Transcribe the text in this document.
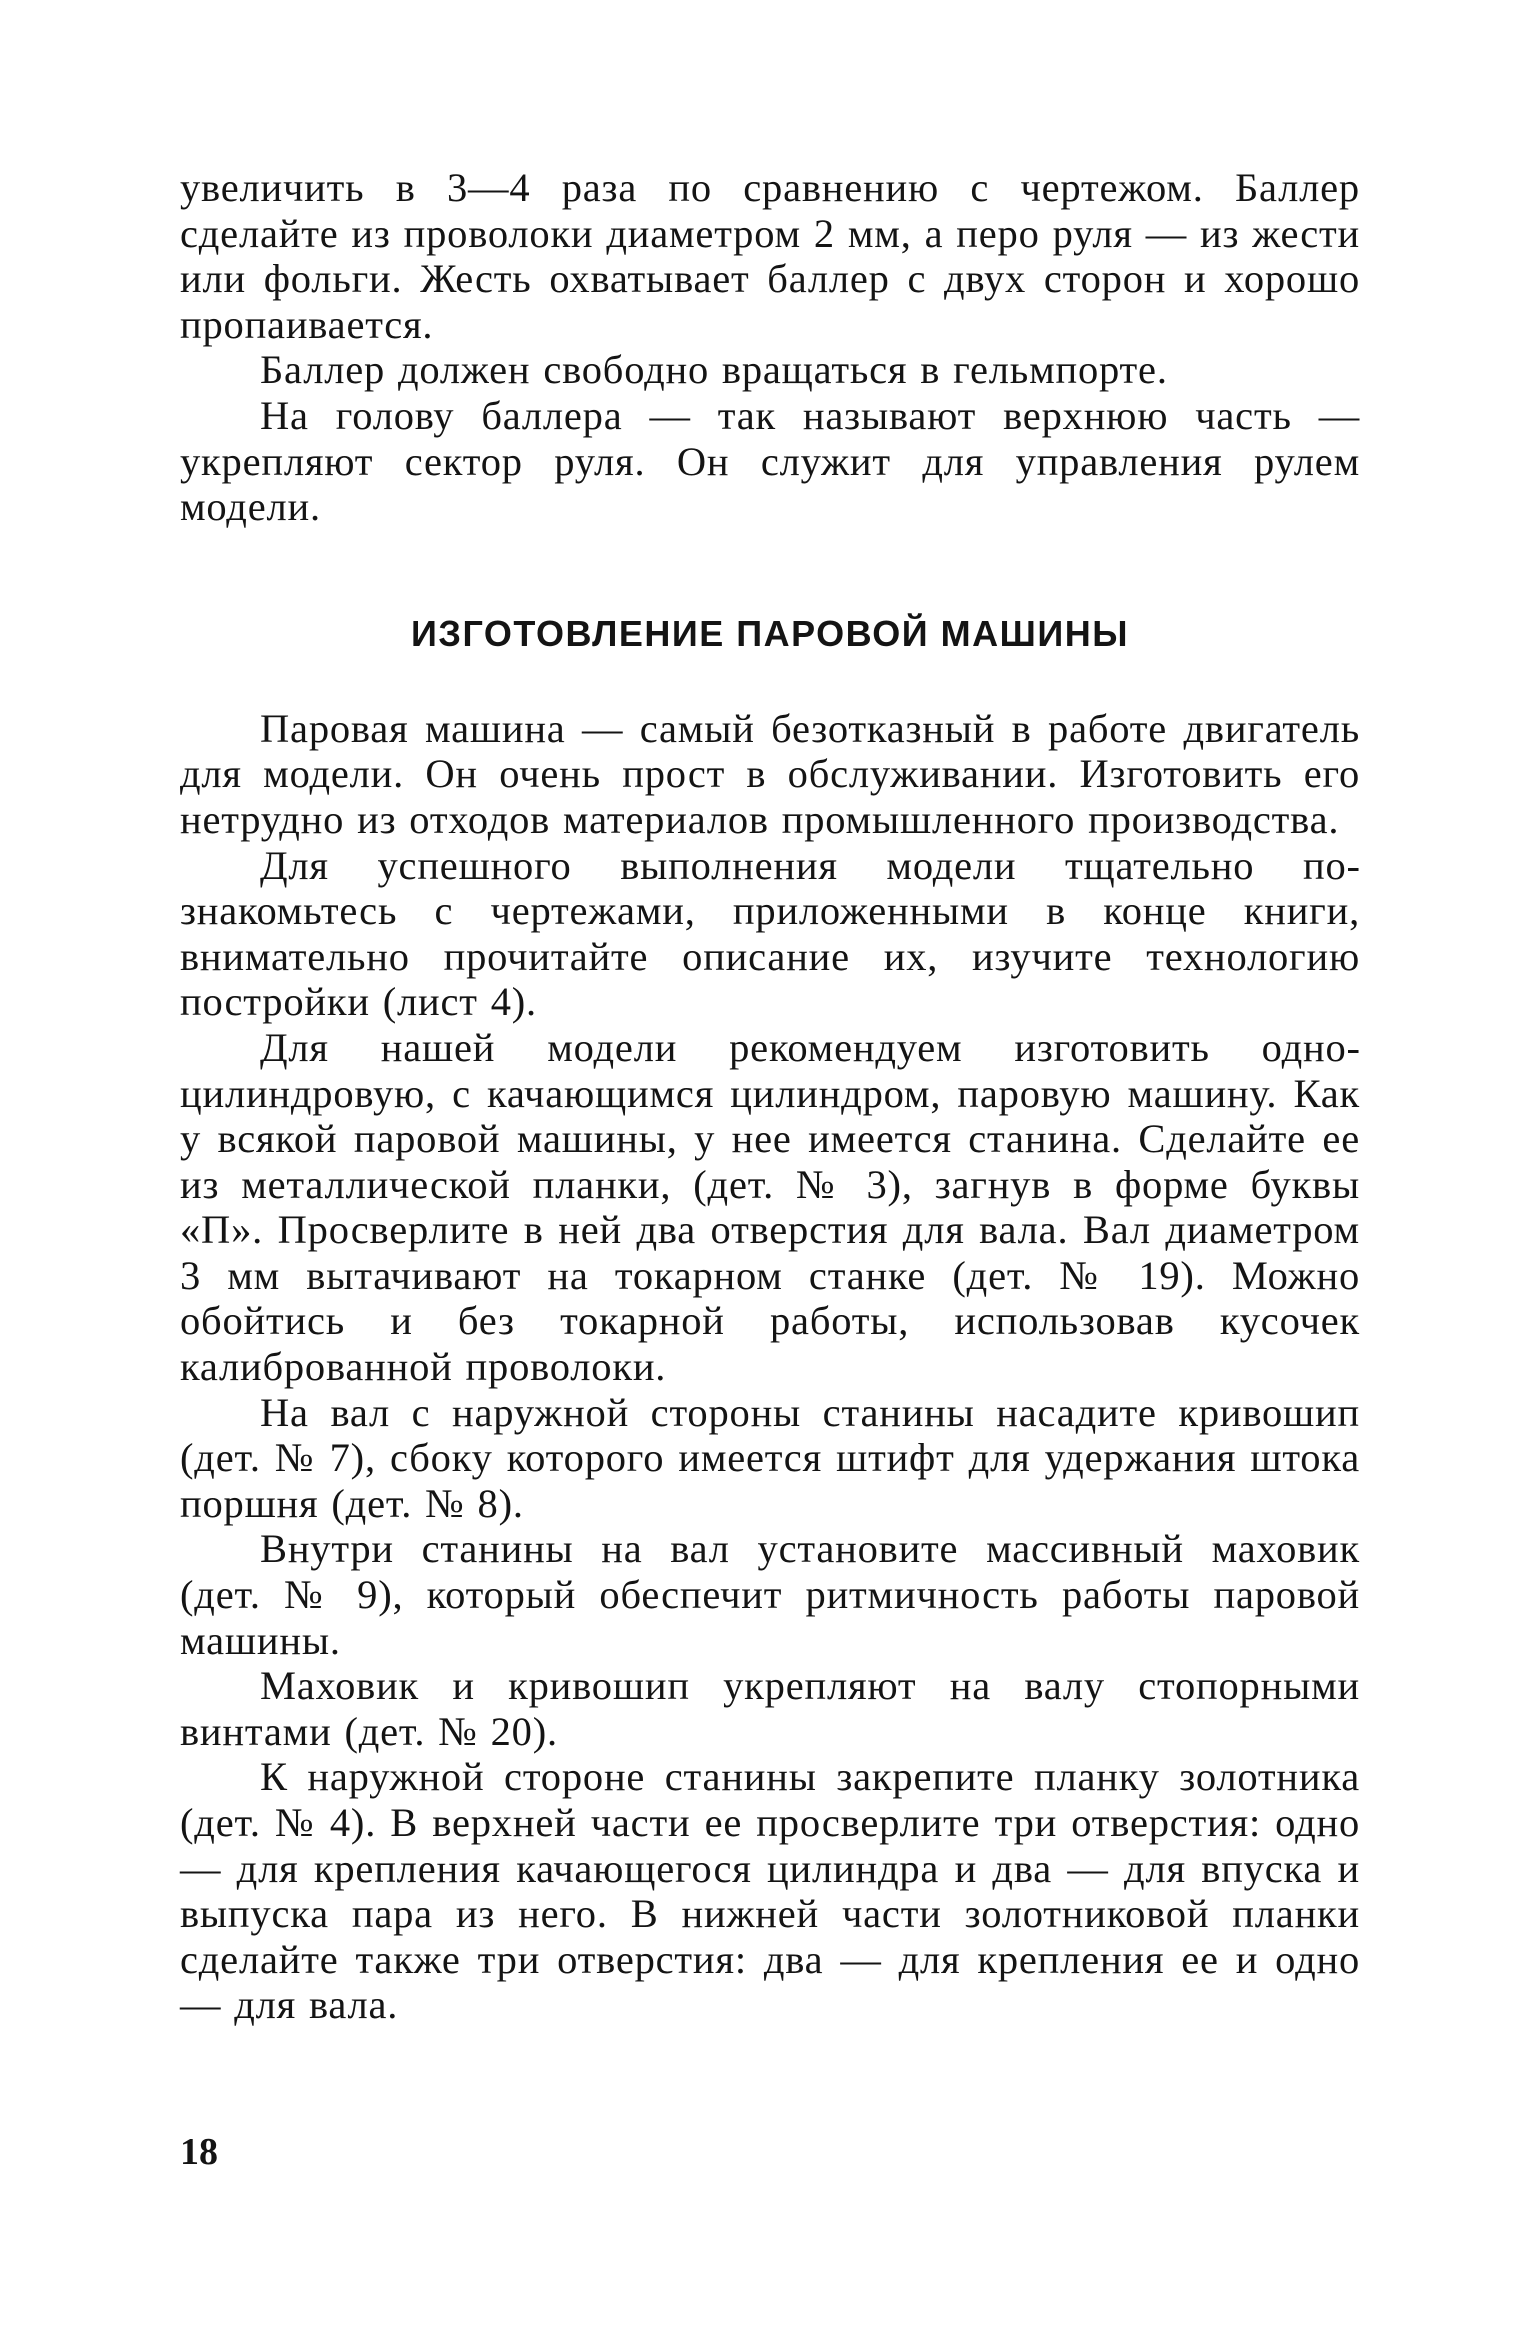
увеличить в 3—4 раза по сравнению с чертежом. Баллер сделайте из проволоки диаметром 2 мм, а перо руля — из жести или фольги. Жесть охватывает баллер с двух сторон и хорошо пропаивается.

Баллер должен свободно вращаться в гельмпорте.

На голову баллера — так называют верхнюю часть — укрепляют сектор руля. Он служит для управления рулем модели.

ИЗГОТОВЛЕНИЕ ПАРОВОЙ МАШИНЫ

Паровая машина — самый безотказный в работе двигатель для модели. Он очень прост в обслуживании. Изготовить его нетрудно из отходов материалов промышленного производства.

Для успешного выполнения модели тщательно познакомьтесь с чертежами, приложенными в конце книги, внимательно прочитайте описание их, изучите технологию постройки (лист 4).

Для нашей модели рекомендуем изготовить одноцилиндровую, с качающимся цилиндром, паровую машину. Как у всякой паровой машины, у нее имеется станина. Сделайте ее из металлической планки, (дет. № 3), загнув в форме буквы «П». Просверлите в ней два отверстия для вала. Вал диаметром 3 мм вытачивают на токарном станке (дет. № 19). Можно обойтись и без токарной работы, использовав кусочек калиброванной проволоки.

На вал с наружной стороны станины насадите кривошип (дет. № 7), сбоку которого имеется штифт для удержания штока поршня (дет. № 8).

Внутри станины на вал установите массивный маховик (дет. № 9), который обеспечит ритмичность работы паровой машины.

Маховик и кривошип укрепляют на валу стопорными винтами (дет. № 20).

К наружной стороне станины закрепите планку золотника (дет. № 4). В верхней части ее просверлите три отверстия: одно — для крепления качающегося цилиндра и два — для впуска и выпуска пара из него. В нижней части золотниковой планки сделайте также три отверстия: два — для крепления ее и одно — для вала.

18
